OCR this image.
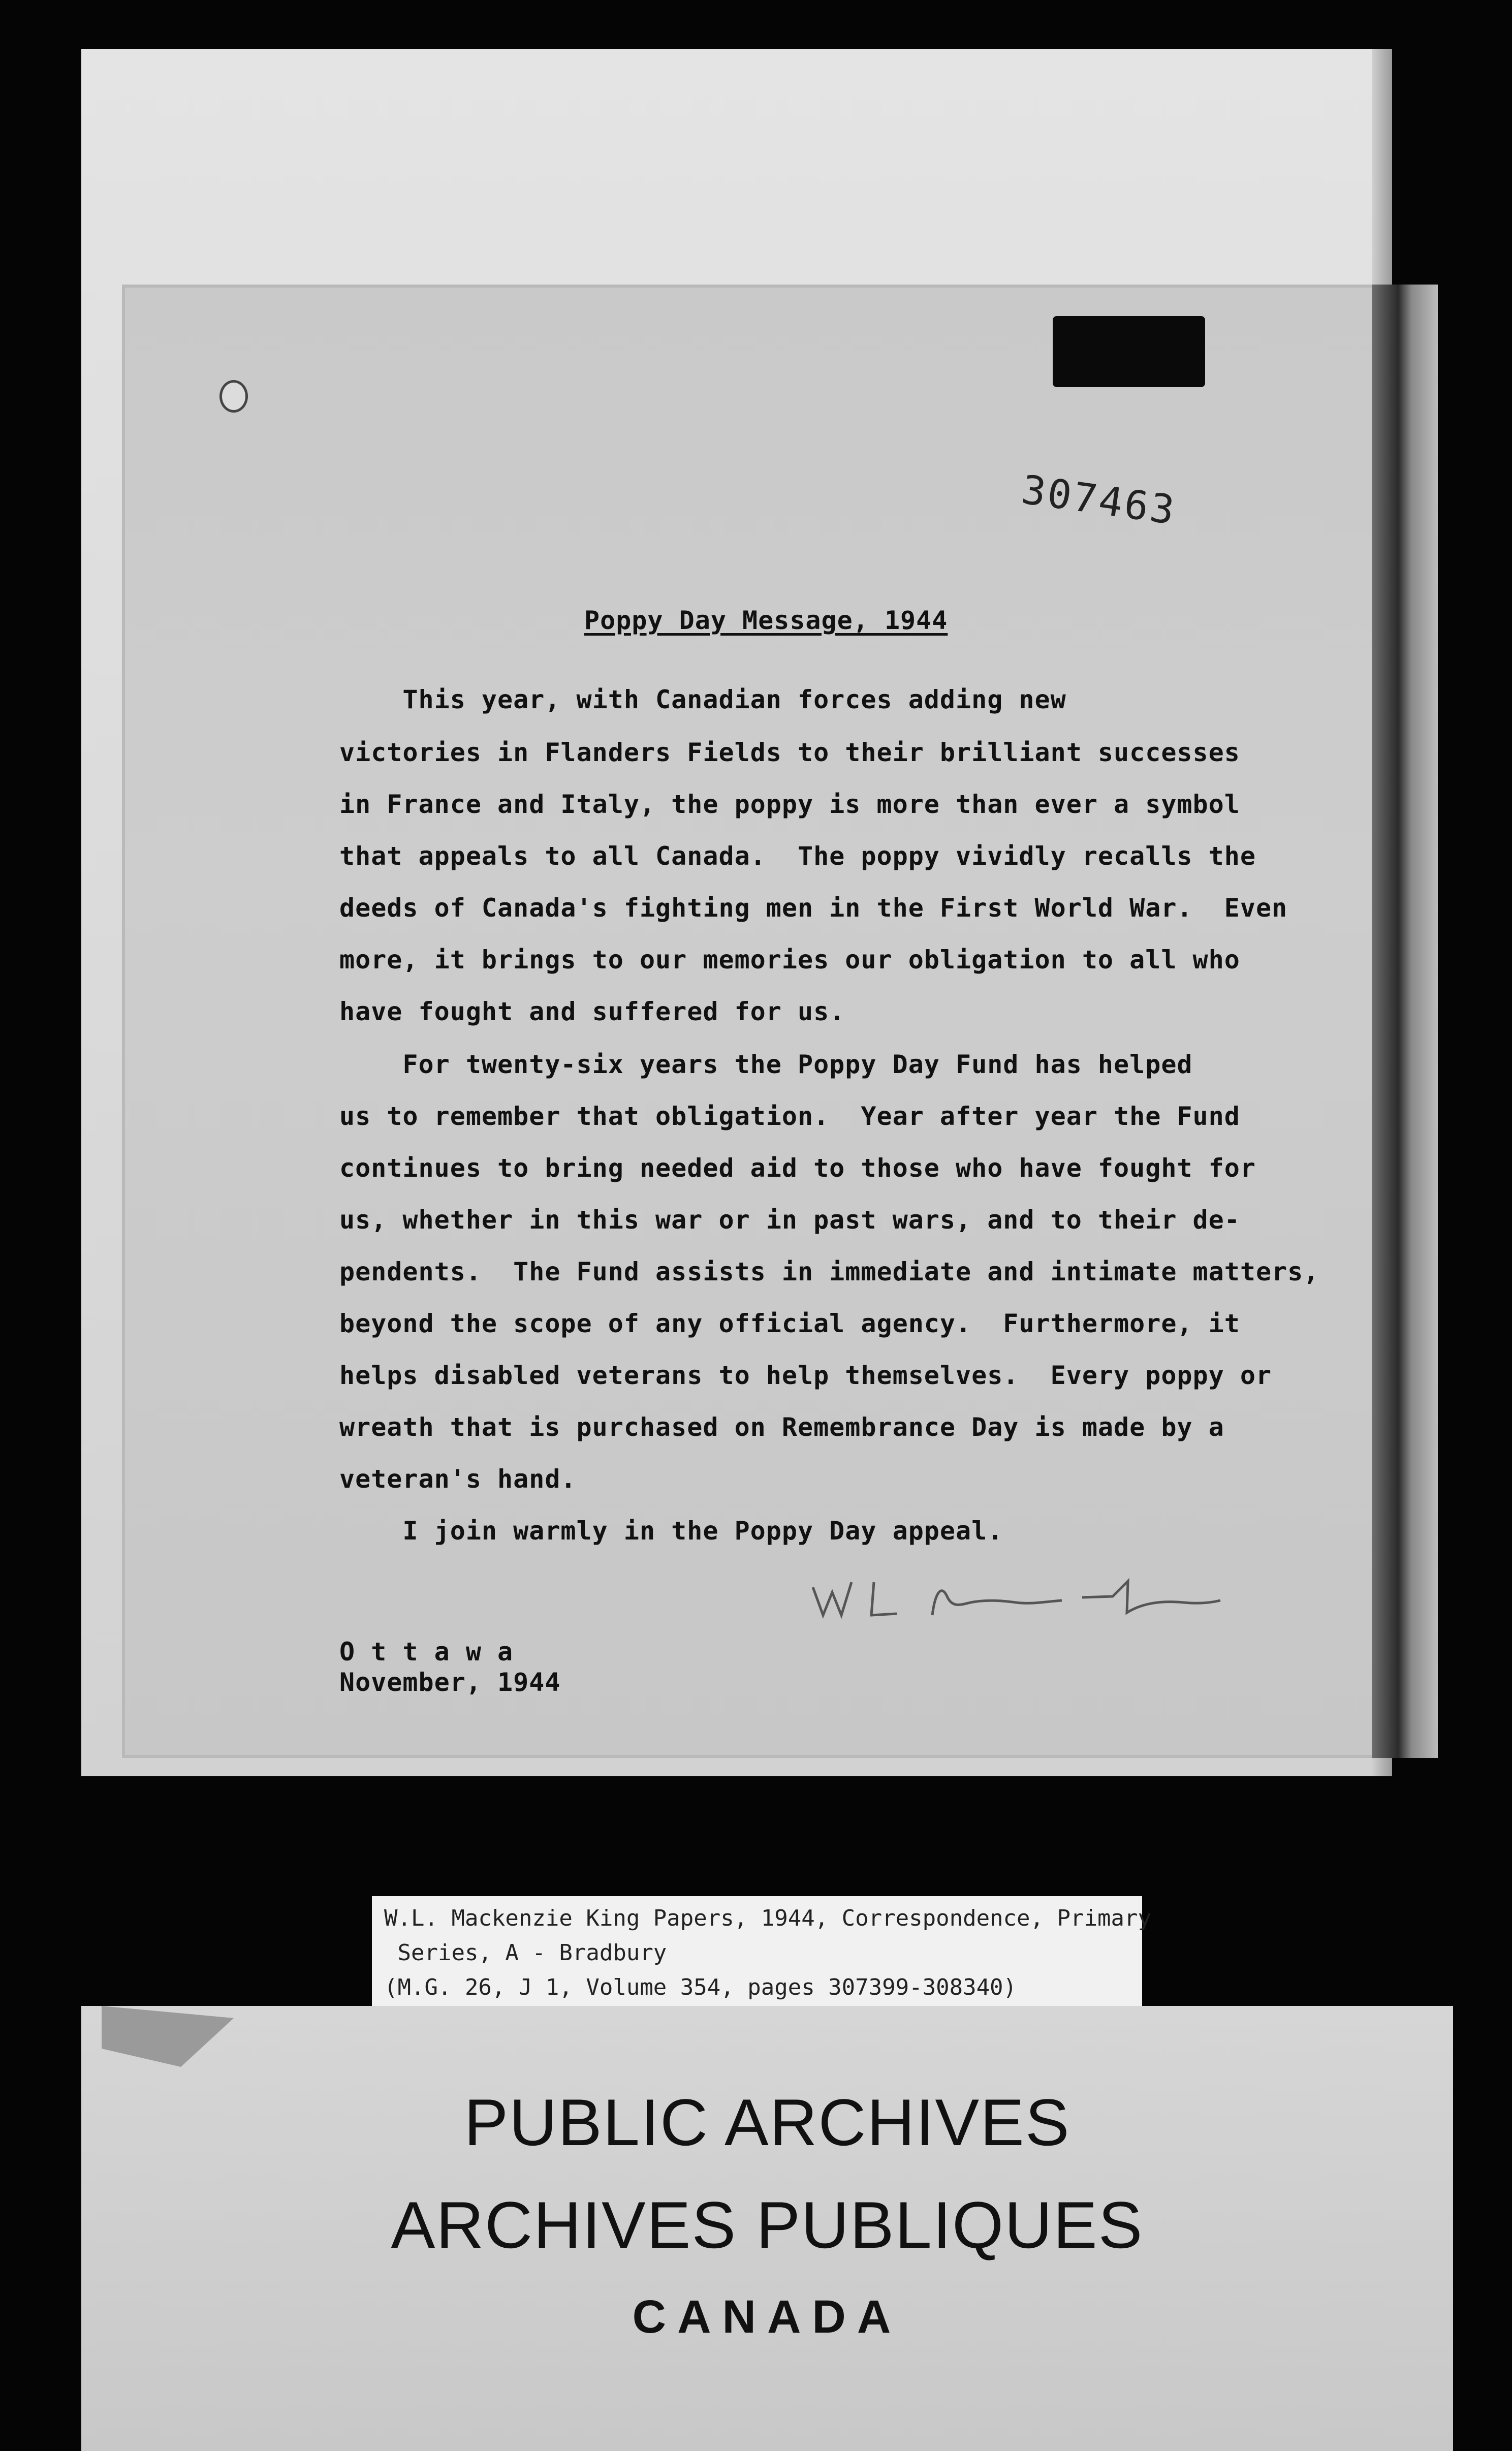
307463
Poppy Day Message, 1944
This year, with Canadian forces adding new
victories in Flanders Fields to their brilliant successes
in France and Italy, the poppy is more than ever a symbol
that appeals to all Canada.  The poppy vividly recalls the
deeds of Canada's fighting men in the First World War.  Even
more, it brings to our memories our obligation to all who
have fought and suffered for us.
For twenty-six years the Poppy Day Fund has helped
us to remember that obligation.  Year after year the Fund
continues to bring needed aid to those who have fought for
us, whether in this war or in past wars, and to their de-
pendents.  The Fund assists in immediate and intimate matters,
beyond the scope of any official agency.  Furthermore, it
helps disabled veterans to help themselves.  Every poppy or
wreath that is purchased on Remembrance Day is made by a
veteran's hand.
I join warmly in the Poppy Day appeal.
O t t a w a
November, 1944
W.L. Mackenzie King Papers, 1944, Correspondence, Primary
Series, A - Bradbury
(M.G. 26, J 1, Volume 354, pages 307399-308340)

PUBLIC ARCHIVES

ARCHIVES PUBLIQUES

CANADA
